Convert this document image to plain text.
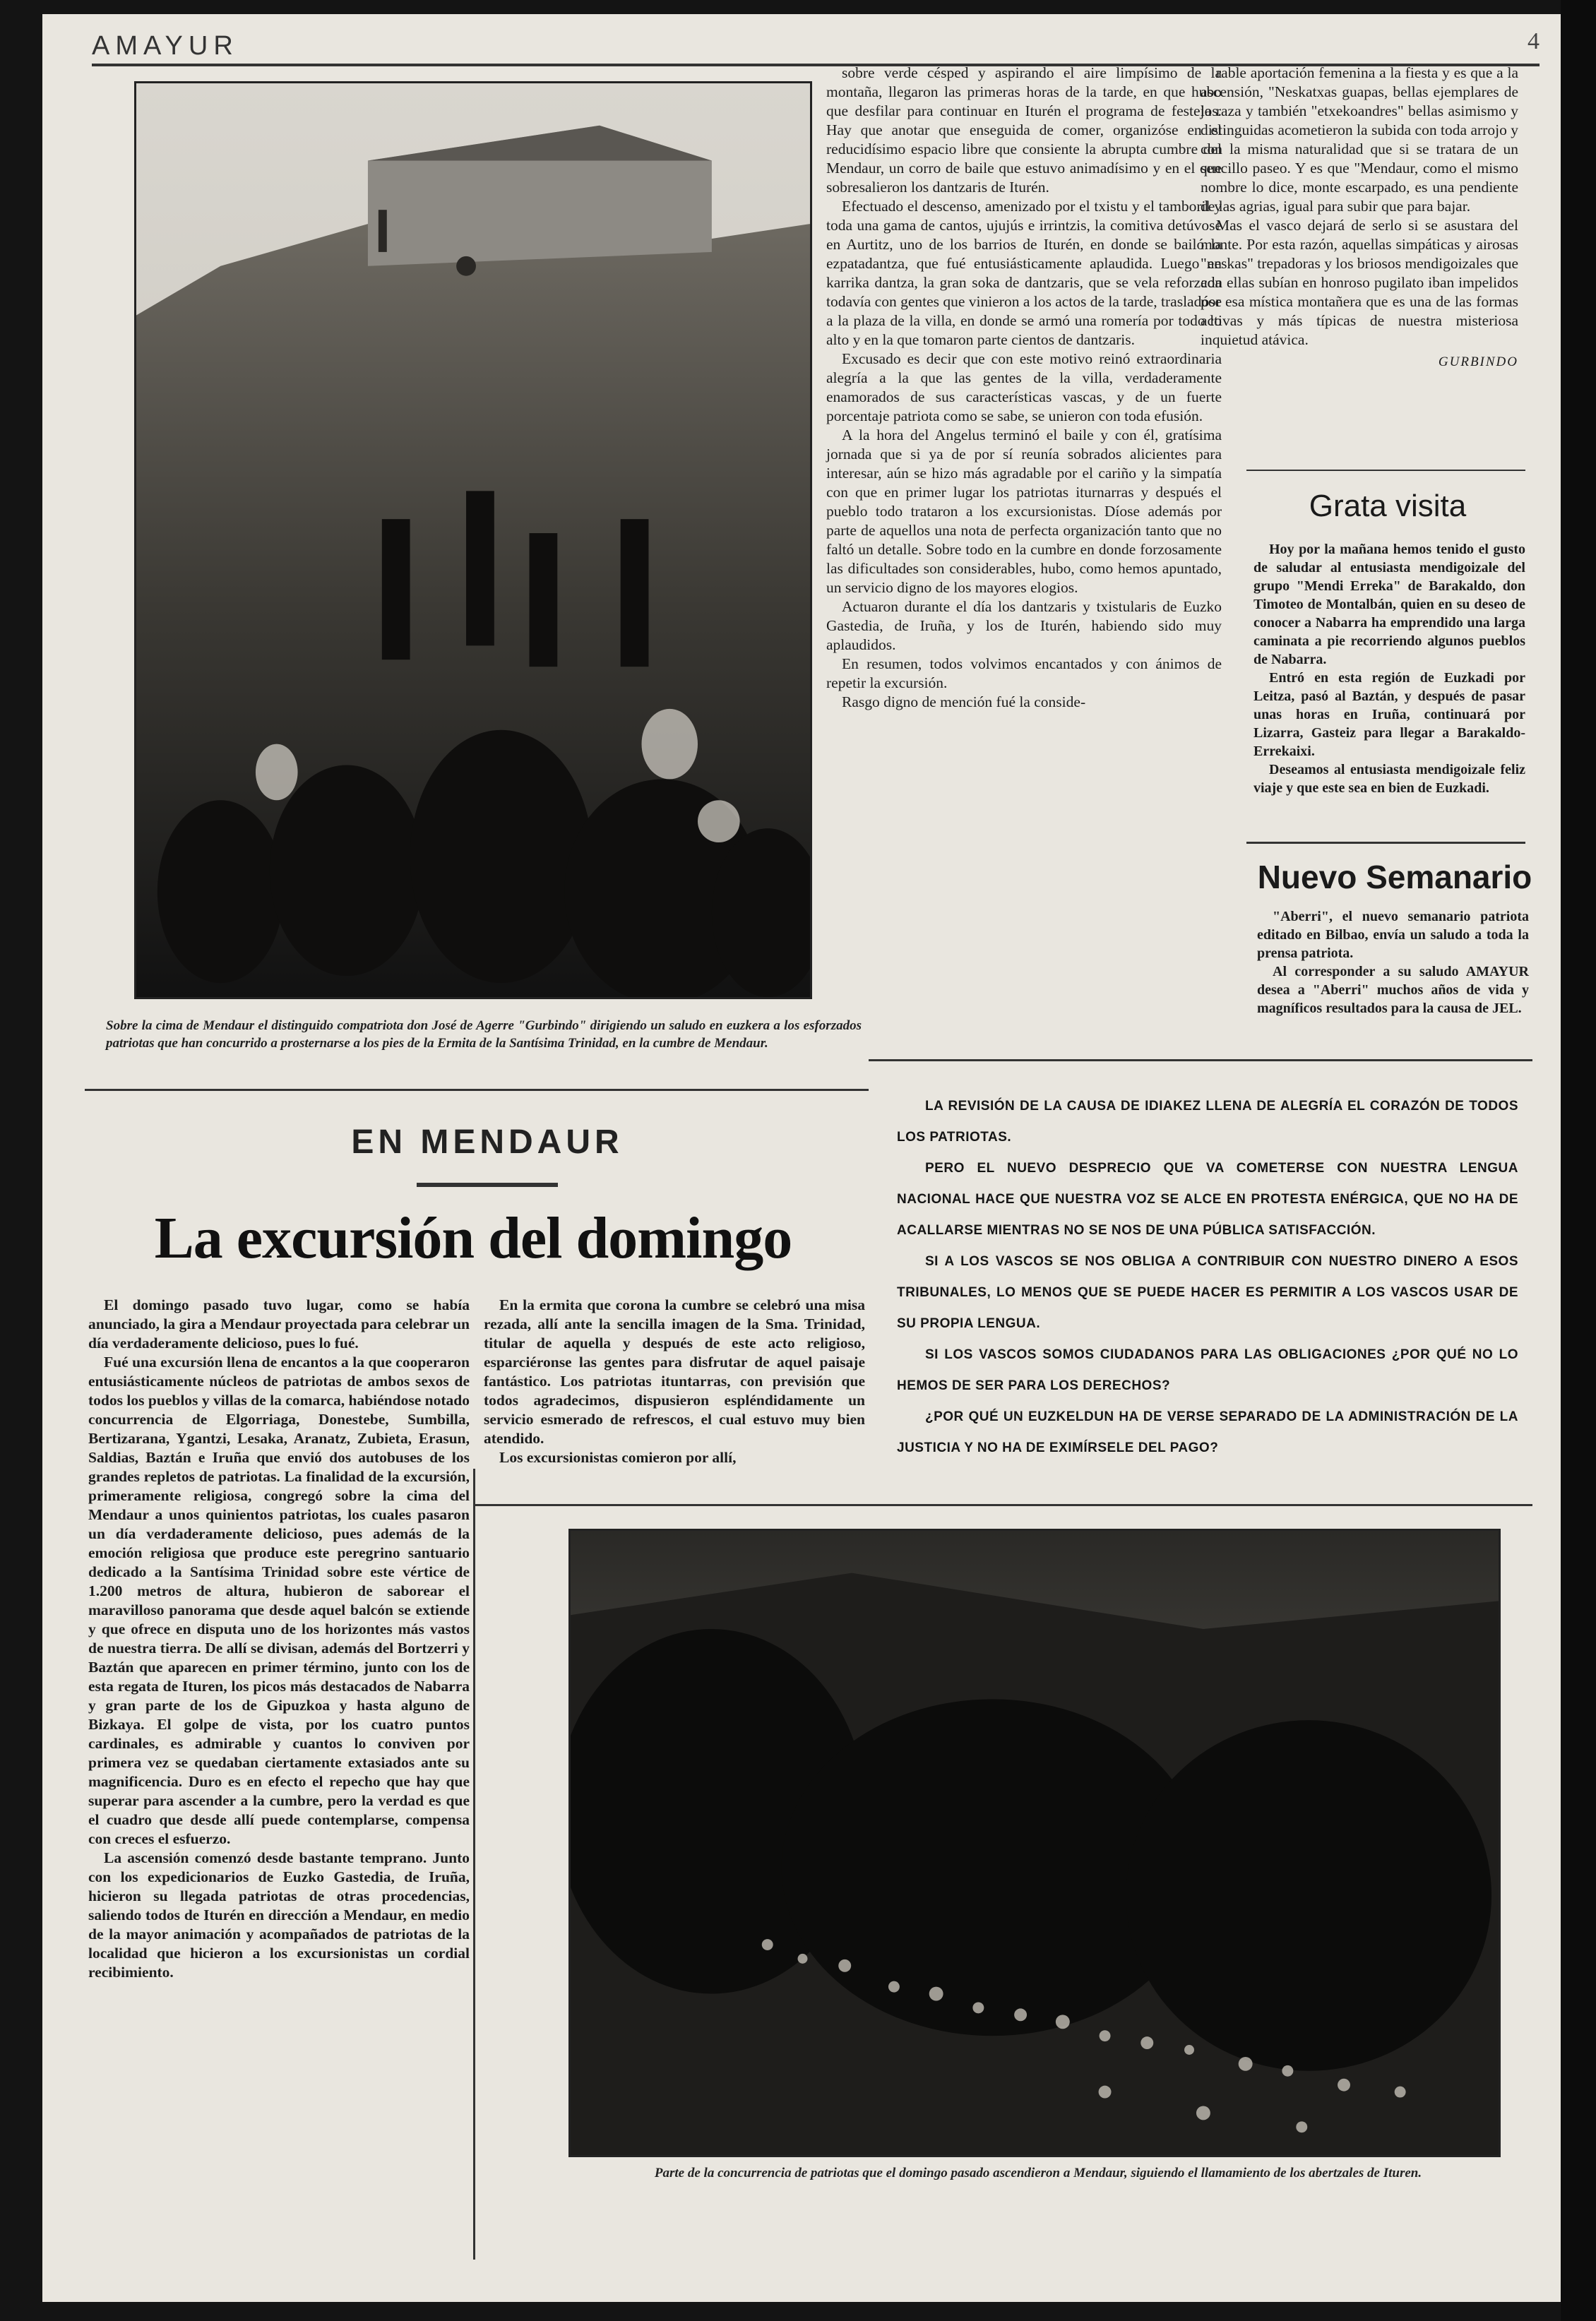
AMAYUR	4
Sobre la cima de Mendaur el distinguido compatriota don José de Agerre "Gurbindo" dirigiendo un saludo en euzkera a los esforzados patriotas que han concurrido a prosternarse a los pies de la Ermita de la Santísima Trinidad, en la cumbre de Mendaur.

sobre verde césped y aspirando el aire limpísimo de la montaña, llegaron las primeras horas de la tarde, en que hubo que desfilar para continuar en Iturén el programa de festejos. Hay que anotar que enseguida de comer, organizóse en el reducidísimo espacio libre que consiente la abrupta cumbre del Mendaur, un corro de baile que estuvo animadísimo y en el que sobresalieron los dantzaris de Iturén.

Efectuado el descenso, amenizado por el txistu y el tamboril y toda una gama de cantos, ujujús e irrintzis, la comitiva detúvose en Aurtitz, uno de los barrios de Iturén, en donde se bailó la ezpatadantza, que fué entusiásticamente aplaudida. Luego en karrika dantza, la gran soka de dantzaris, que se vela reforzada todavía con gentes que vinieron a los actos de la tarde, trasladóse a la plaza de la villa, en donde se armó una romería por todo lo alto y en la que tomaron parte cientos de dantzaris.

Excusado es decir que con este motivo reinó extraordinaria alegría a la que las gentes de la villa, verdaderamente enamorados de sus características vascas, y de un fuerte porcentaje patriota como se sabe, se unieron con toda efusión.

A la hora del Angelus terminó el baile y con él, gratísima jornada que si ya de por sí reunía sobrados alicientes para interesar, aún se hizo más agradable por el cariño y la simpatía con que en primer lugar los patriotas iturnarras y después el pueblo todo trataron a los excursionistas. Díose además por parte de aquellos una nota de perfecta organización tanto que no faltó un detalle. Sobre todo en la cumbre en donde forzosamente las dificultades son considerables, hubo, como hemos apuntado, un servicio digno de los mayores elogios.

Actuaron durante el día los dantzaris y txistularis de Euzko Gastedia, de Iruña, y los de Iturén, habiendo sido muy aplaudidos.

En resumen, todos volvimos encantados y con ánimos de repetir la excursión.

Rasgo digno de mención fué la conside-

rable aportación femenina a la fiesta y es que a la ascensión, "Neskatxas guapas, bellas ejemplares de la raza y también "etxekoandres" bellas asimismo y distinguidas acometieron la subida con toda arrojo y con la misma naturalidad que si se tratara de un sencillo paseo. Y es que "Mendaur, como el mismo nombre lo dice, monte escarpado, es una pendiente de las agrias, igual para subir que para bajar.

Mas el vasco dejará de serlo si se asustara del monte. Por esta razón, aquellas simpáticas y airosas "neskas" trepadoras y los briosos mendigoizales que con ellas subían en honroso pugilato iban impelidos por esa mística montañera que es una de las formas activas y más típicas de nuestra misteriosa inquietud atávica.

GURBINDO
Grata visita

Hoy por la mañana hemos tenido el gusto de saludar al entusiasta mendigoizale del grupo "Mendi Erreka" de Barakaldo, don Timoteo de Montalbán, quien en su deseo de conocer a Nabarra ha emprendido una larga caminata a pie recorriendo algunos pueblos de Nabarra.

Entró en esta región de Euzkadi por Leitza, pasó al Baztán, y después de pasar unas horas en Iruña, continuará por Lizarra, Gasteiz para llegar a Barakaldo-Errekaixi.

Deseamos al entusiasta mendigoizale feliz viaje y que este sea en bien de Euzkadi.

Nuevo Semanario

"Aberri", el nuevo semanario patriota editado en Bilbao, envía un saludo a toda la prensa patriota.

Al corresponder a su saludo AMAYUR desea a "Aberri" muchos años de vida y magníficos resultados para la causa de JEL.

LA REVISIÓN DE LA CAUSA DE IDIAKEZ LLENA DE ALEGRÍA EL CORAZÓN DE TODOS LOS PATRIOTAS.

PERO EL NUEVO DESPRECIO QUE VA COMETERSE CON NUESTRA LENGUA NACIONAL HACE QUE NUESTRA VOZ SE ALCE EN PROTESTA ENÉRGICA, QUE NO HA DE ACALLARSE MIENTRAS NO SE NOS DE UNA PÚBLICA SATISFACCIÓN.

SI A LOS VASCOS SE NOS OBLIGA A CONTRIBUIR CON NUESTRO DINERO A ESOS TRIBUNALES, LO MENOS QUE SE PUEDE HACER ES PERMITIR A LOS VASCOS USAR DE SU PROPIA LENGUA.

SI LOS VASCOS SOMOS CIUDADANOS PARA LAS OBLIGACIONES ¿POR QUÉ NO LO HEMOS DE SER PARA LOS DERECHOS?

¿POR QUÉ UN EUZKELDUN HA DE VERSE SEPARADO DE LA ADMINISTRACIÓN DE LA JUSTICIA Y NO HA DE EXIMÍRSELE DEL PAGO?

EN MENDAUR
La excursión del domingo

El domingo pasado tuvo lugar, como se había anunciado, la gira a Mendaur proyectada para celebrar un día verdaderamente delicioso, pues lo fué.

Fué una excursión llena de encantos a la que cooperaron entusiásticamente núcleos de patriotas de ambos sexos de todos los pueblos y villas de la comarca, habiéndose notado concurrencia de Elgorriaga, Donestebe, Sumbilla, Bertizarana, Ygantzi, Lesaka, Aranatz, Zubieta, Erasun, Saldias, Baztán e Iruña que envió dos autobuses de los grandes repletos de patriotas. La finalidad de la excursión, primeramente religiosa, congregó sobre la cima del Mendaur a unos quinientos patriotas, los cuales pasaron un día verdaderamente delicioso, pues además de la emoción religiosa que produce este peregrino santuario dedicado a la Santísima Trinidad sobre este vértice de 1.200 metros de altura, hubieron de saborear el maravilloso panorama que desde aquel balcón se extiende y que ofrece en disputa uno de los horizontes más vastos de nuestra tierra. De allí se divisan, además del Bortzerri y Baztán que aparecen en primer término, junto con los de esta regata de Ituren, los picos más destacados de Nabarra y gran parte de los de Gipuzkoa y hasta alguno de Bizkaya. El golpe de vista, por los cuatro puntos cardinales, es admirable y cuantos lo conviven por primera vez se quedaban ciertamente extasiados ante su magnificencia. Duro es en efecto el repecho que hay que superar para ascender a la cumbre, pero la verdad es que el cuadro que desde allí puede contemplarse, compensa con creces el esfuerzo.

La ascensión comenzó desde bastante temprano. Junto con los expedicionarios de Euzko Gastedia, de Iruña, hicieron su llegada patriotas de otras procedencias, saliendo todos de Iturén en dirección a Mendaur, en medio de la mayor animación y acompañados de patriotas de la localidad que hicieron a los excursionistas un cordial recibimiento.

En la ermita que corona la cumbre se celebró una misa rezada, allí ante la sencilla imagen de la Sma. Trinidad, titular de aquella y después de este acto religioso, esparciéronse las gentes para disfrutar de aquel paisaje fantástico. Los patriotas ituntarras, con previsión que todos agradecimos, dispusieron espléndidamente un servicio esmerado de refrescos, el cual estuvo muy bien atendido.

Los excursionistas comieron por allí,

Parte de la concurrencia de patriotas que el domingo pasado ascendieron a Mendaur, siguiendo el llamamiento de los abertzales de Ituren.
